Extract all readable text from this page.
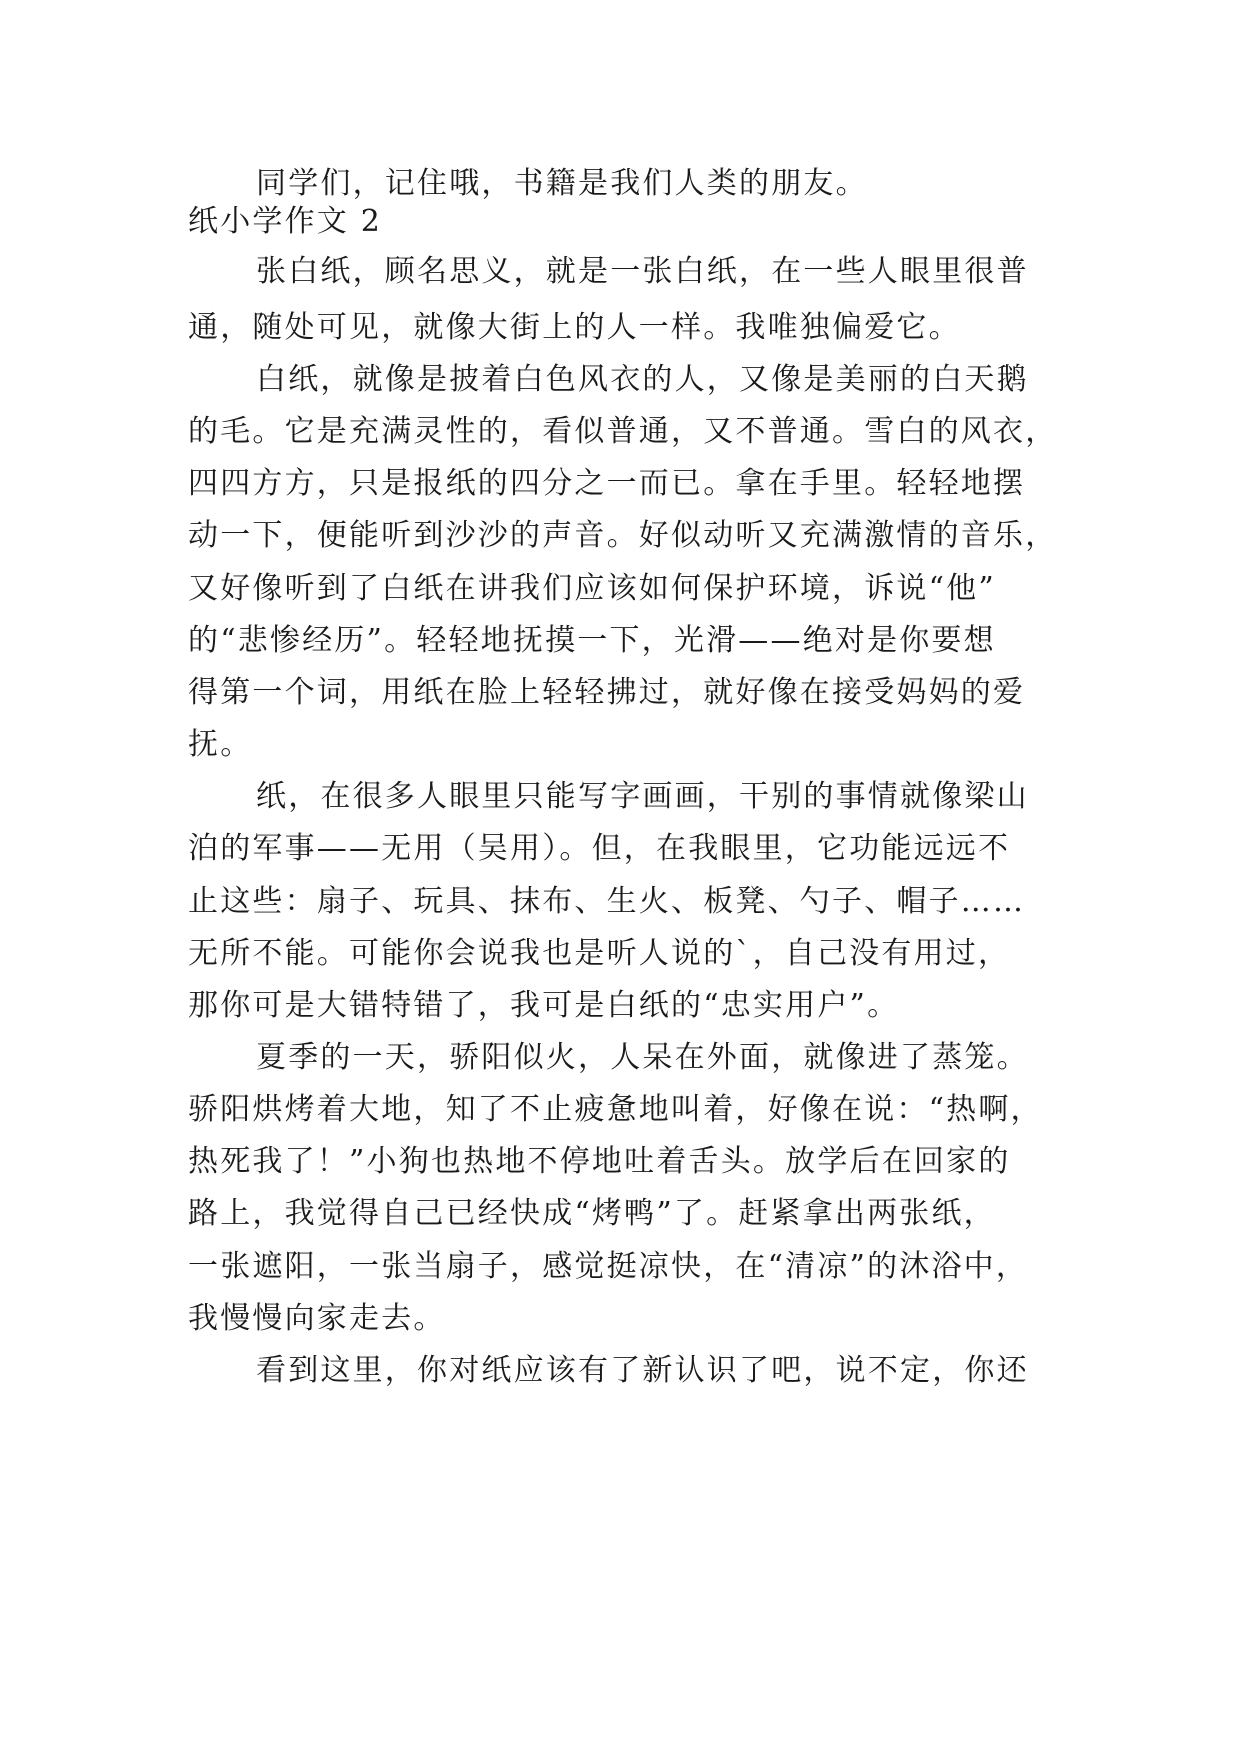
同学们，记住哦，书籍是我们人类的朋友。
纸小学作文 2
张白纸，顾名思义，就是一张白纸，在一些人眼里很普
通，随处可见，就像大街上的人一样。我唯独偏爱它。
白纸，就像是披着白色风衣的人，又像是美丽的白天鹅
的毛。它是充满灵性的，看似普通，又不普通。雪白的风衣，
四四方方，只是报纸的四分之一而已。拿在手里。轻轻地摆
动一下，便能听到沙沙的声音。好似动听又充满激情的音乐，
又好像听到了白纸在讲我们应该如何保护环境，诉说“他”
的“悲惨经历”。轻轻地抚摸一下，光滑——绝对是你要想
得第一个词，用纸在脸上轻轻拂过，就好像在接受妈妈的爱
抚。
纸，在很多人眼里只能写字画画，干别的事情就像梁山
泊的军事——无用（吴用）。但，在我眼里，它功能远远不
止这些：扇子、玩具、抹布、生火、板凳、勺子、帽子……
无所不能。可能你会说我也是听人说的`，自己没有用过，
那你可是大错特错了，我可是白纸的“忠实用户”。
夏季的一天，骄阳似火，人呆在外面，就像进了蒸笼。
骄阳烘烤着大地，知了不止疲惫地叫着，好像在说：“热啊，
热死我了！”小狗也热地不停地吐着舌头。放学后在回家的
路上，我觉得自己已经快成“烤鸭”了。赶紧拿出两张纸，
一张遮阳，一张当扇子，感觉挺凉快，在“清凉”的沐浴中，
我慢慢向家走去。
看到这里，你对纸应该有了新认识了吧，说不定，你还
